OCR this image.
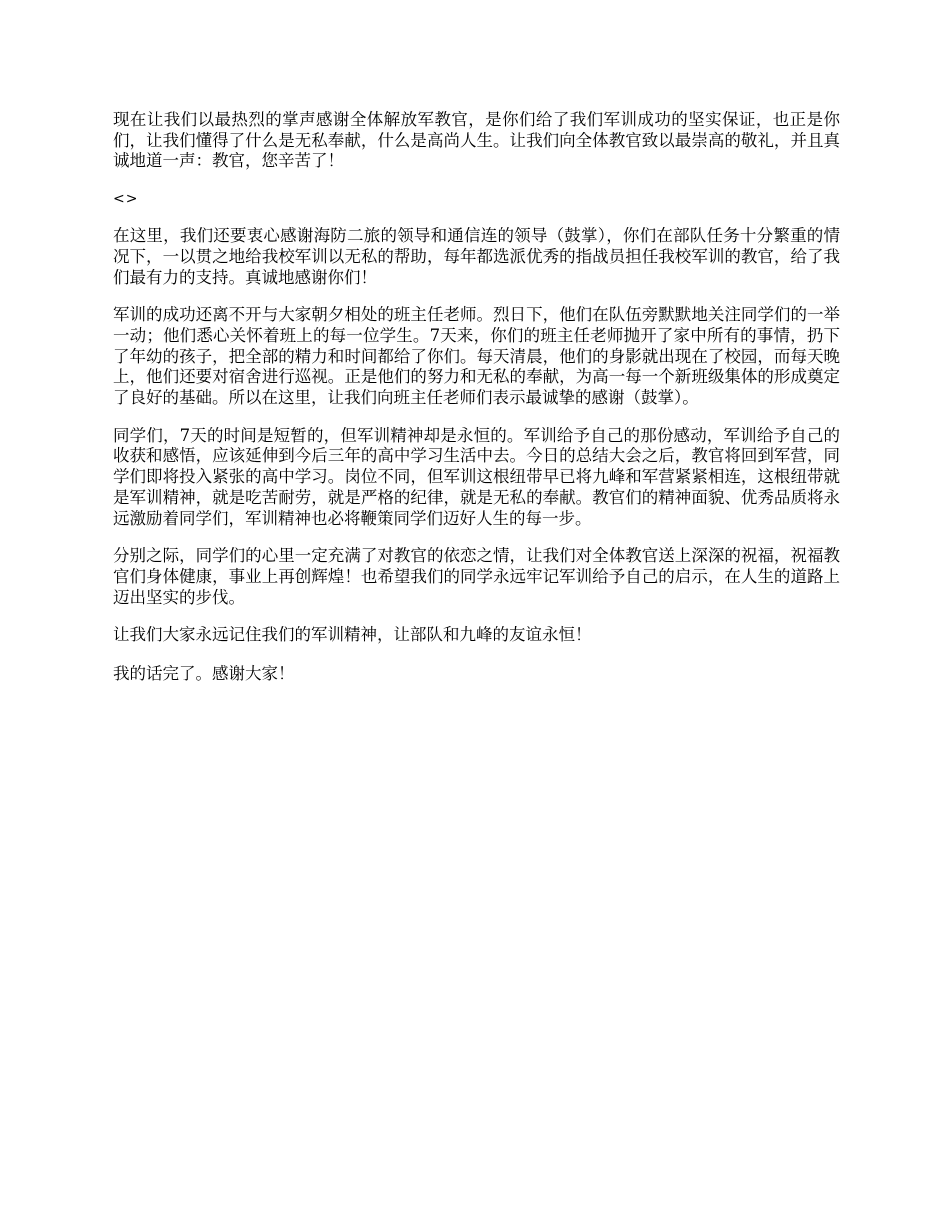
现在让我们以最热烈的掌声感谢全体解放军教官，是你们给了我们军训成功的坚实保证，也正是你们，让我们懂得了什么是无私奉献，什么是高尚人生。让我们向全体教官致以最崇高的敬礼，并且真诚地道一声：教官，您辛苦了！

<>

在这里，我们还要衷心感谢海防二旅的领导和通信连的领导（鼓掌），你们在部队任务十分繁重的情况下，一以贯之地给我校军训以无私的帮助，每年都选派优秀的指战员担任我校军训的教官，给了我们最有力的支持。真诚地感谢你们！

军训的成功还离不开与大家朝夕相处的班主任老师。烈日下，他们在队伍旁默默地关注同学们的一举一动；他们悉心关怀着班上的每一位学生。7天来，你们的班主任老师抛开了家中所有的事情，扔下了年幼的孩子，把全部的精力和时间都给了你们。每天清晨，他们的身影就出现在了校园，而每天晚上，他们还要对宿舍进行巡视。正是他们的努力和无私的奉献，为高一每一个新班级集体的形成奠定了良好的基础。所以在这里，让我们向班主任老师们表示最诚挚的感谢（鼓掌）。

同学们，7天的时间是短暂的，但军训精神却是永恒的。军训给予自己的那份感动，军训给予自己的收获和感悟，应该延伸到今后三年的高中学习生活中去。今日的总结大会之后，教官将回到军营，同学们即将投入紧张的高中学习。岗位不同，但军训这根纽带早已将九峰和军营紧紧相连，这根纽带就是军训精神，就是吃苦耐劳，就是严格的纪律，就是无私的奉献。教官们的精神面貌、优秀品质将永远激励着同学们，军训精神也必将鞭策同学们迈好人生的每一步。

分别之际，同学们的心里一定充满了对教官的依恋之情，让我们对全体教官送上深深的祝福，祝福教官们身体健康，事业上再创辉煌！也希望我们的同学永远牢记军训给予自己的启示，在人生的道路上迈出坚实的步伐。

让我们大家永远记住我们的军训精神，让部队和九峰的友谊永恒！

我的话完了。感谢大家！
